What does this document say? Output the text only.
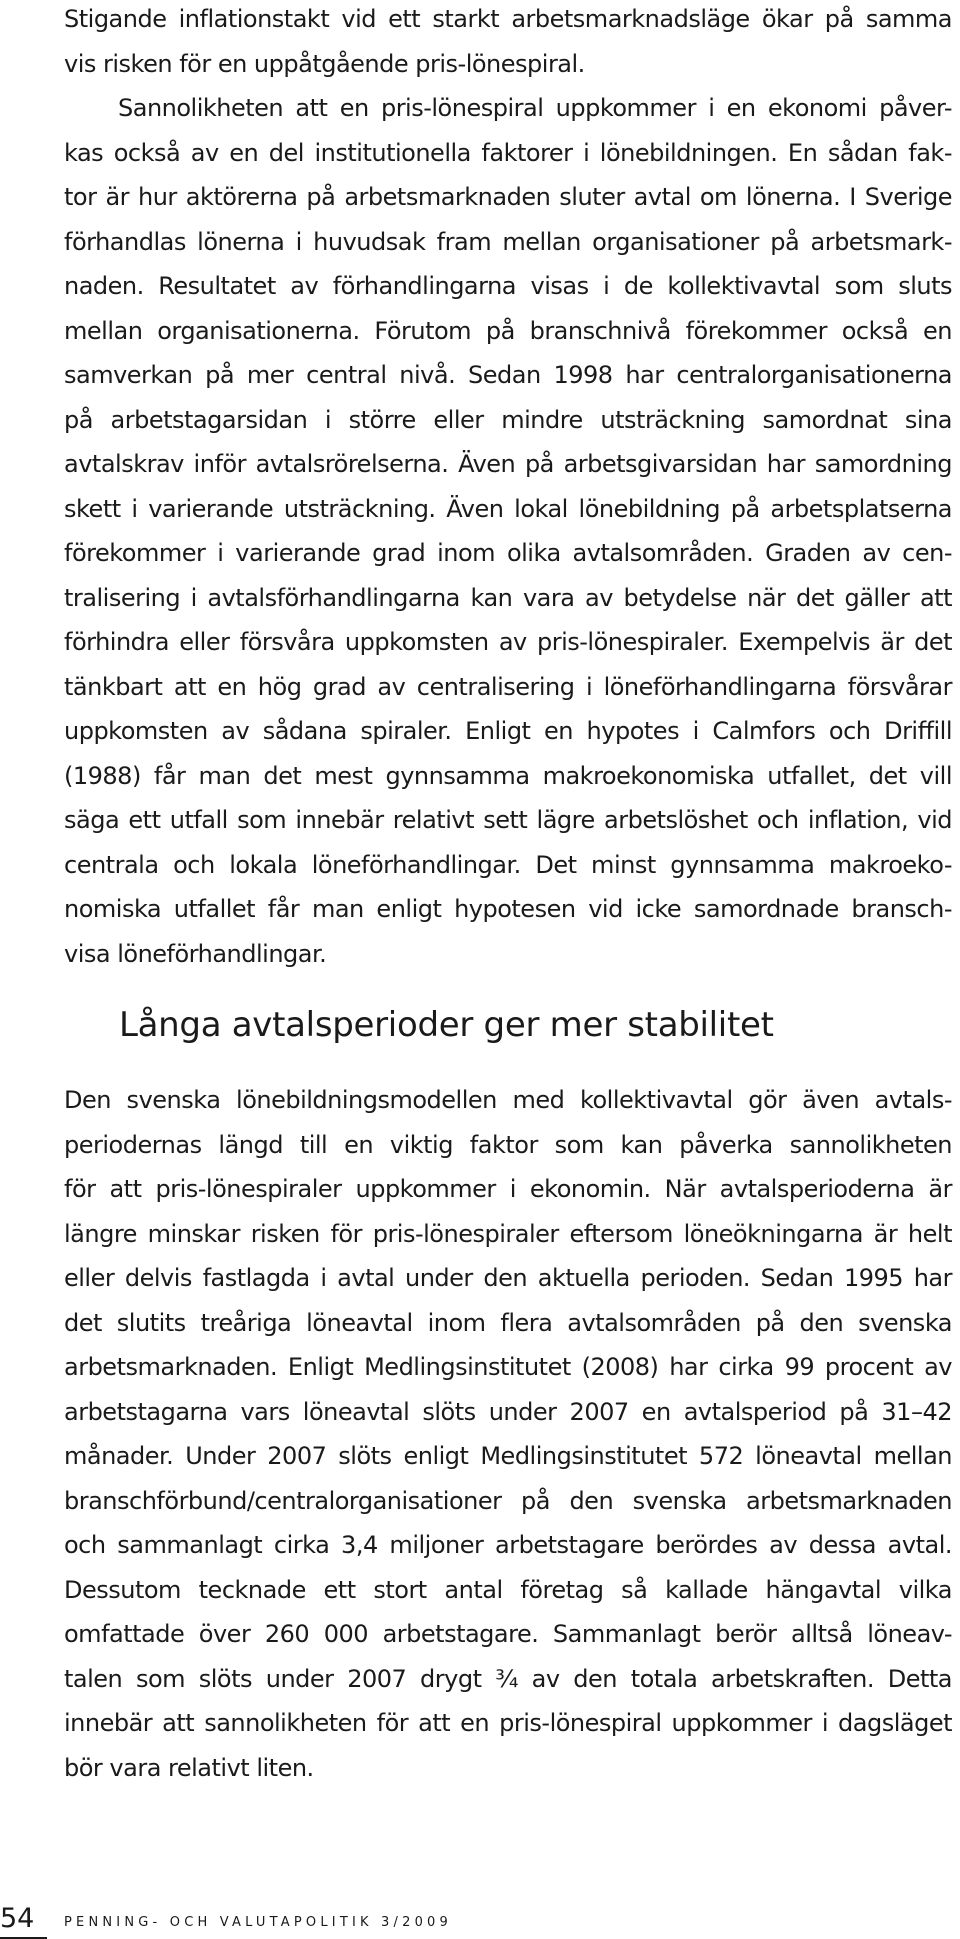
Stigande inflationstakt vid ett starkt arbetsmarknadsläge ökar på samma
vis risken för en uppåtgående pris-lönespiral.
Sannolikheten att en pris-lönespiral uppkommer i en ekonomi påver-
kas också av en del institutionella faktorer i lönebildningen. En sådan fak-
tor är hur aktörerna på arbetsmarknaden sluter avtal om lönerna. I Sverige
förhandlas lönerna i huvudsak fram mellan organisationer på arbetsmark-
naden. Resultatet av förhandlingarna visas i de kollektivavtal som sluts
mellan organisationerna. Förutom på branschnivå förekommer också en
samverkan på mer central nivå. Sedan 1998 har centralorganisationerna
på arbetstagarsidan i större eller mindre utsträckning samordnat sina
avtalskrav inför avtalsrörelserna. Även på arbetsgivarsidan har samordning
skett i varierande utsträckning. Även lokal lönebildning på arbetsplatserna
förekommer i varierande grad inom olika avtalsområden. Graden av cen-
tralisering i avtalsförhandlingarna kan vara av betydelse när det gäller att
förhindra eller försvåra uppkomsten av pris-lönespiraler. Exempelvis är det
tänkbart att en hög grad av centralisering i löneförhandlingarna försvårar
uppkomsten av sådana spiraler. Enligt en hypotes i Calmfors och Driffill
(1988) får man det mest gynnsamma makroekonomiska utfallet, det vill
säga ett utfall som innebär relativt sett lägre arbetslöshet och inflation, vid
centrala och lokala löneförhandlingar. Det minst gynnsamma makroeko-
nomiska utfallet får man enligt hypotesen vid icke samordnade bransch-
visa löneförhandlingar.
Långa avtalsperioder ger mer stabilitet
Den svenska lönebildningsmodellen med kollektivavtal gör även avtals-
periodernas längd till en viktig faktor som kan påverka sannolikheten
för att pris-lönespiraler uppkommer i ekonomin. När avtalsperioderna är
längre minskar risken för pris-lönespiraler eftersom löneökningarna är helt
eller delvis fastlagda i avtal under den aktuella perioden. Sedan 1995 har
det slutits treåriga löneavtal inom flera avtalsområden på den svenska
arbetsmarknaden. Enligt Medlingsinstitutet (2008) har cirka 99 procent av
arbetstagarna vars löneavtal slöts under 2007 en avtalsperiod på 31–42
månader. Under 2007 slöts enligt Medlingsinstitutet 572 löneavtal mellan
branschförbund/centralorganisationer på den svenska arbetsmarknaden
och sammanlagt cirka 3,4 miljoner arbetstagare berördes av dessa avtal.
Dessutom tecknade ett stort antal företag så kallade hängavtal vilka
omfattade över 260 000 arbetstagare. Sammanlagt berör alltså löneav-
talen som slöts under 2007 drygt ¾ av den totala arbetskraften. Detta
innebär att sannolikheten för att en pris-lönespiral uppkommer i dagsläget
bör vara relativt liten.
54 PENNING- OCH VALUTAPOLITIK 3/2009
